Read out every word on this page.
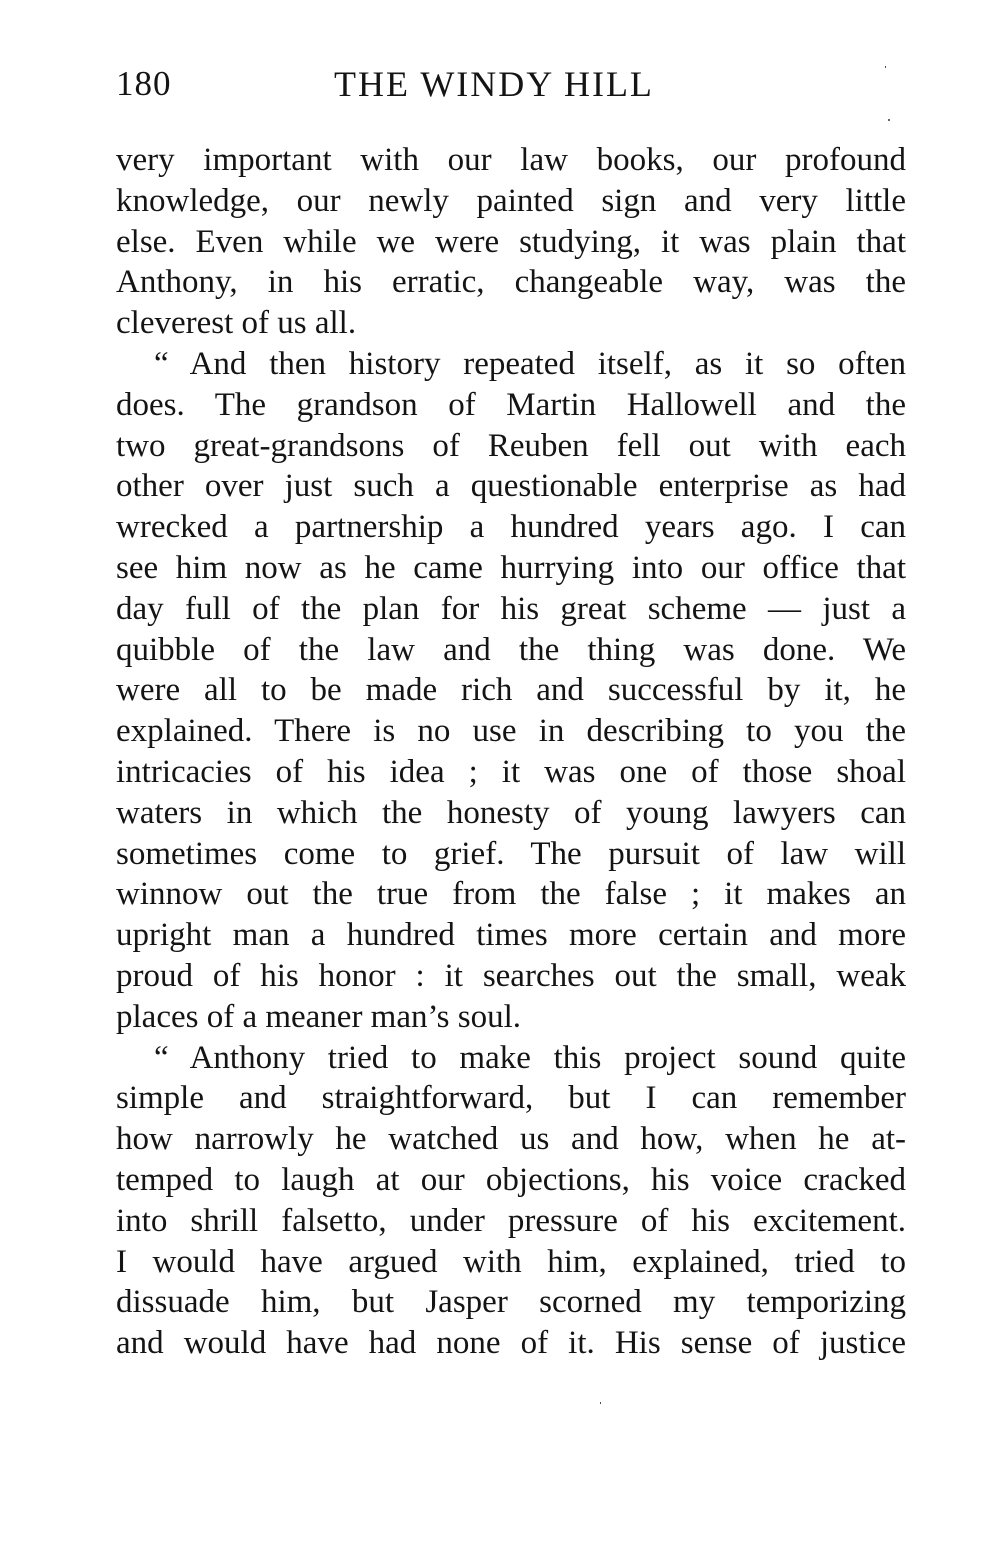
180	THE WINDY HILL
very important with our law books, our profound
knowledge, our newly painted sign and very little
else. Even while we were studying, it was plain that
Anthony, in his erratic, changeable way, was the
cleverest of us all.
“ And then history repeated itself, as it so often
does. The grandson of Martin Hallowell and the
two great-grandsons of Reuben fell out with each
other over just such a questionable enterprise as had
wrecked a partnership a hundred years ago. I can
see him now as he came hurrying into our office that
day full of the plan for his great scheme — just a
quibble of the law and the thing was done. We
were all to be made rich and successful by it, he
explained. There is no use in describing to you the
intricacies of his idea ; it was one of those shoal
waters in which the honesty of young lawyers can
sometimes come to grief. The pursuit of law will
winnow out the true from the false ; it makes an
upright man a hundred times more certain and more
proud of his honor : it searches out the small, weak
places of a meaner man’s soul.
“ Anthony tried to make this project sound quite
simple and straightforward, but I can remember
how narrowly he watched us and how, when he at-
temped to laugh at our objections, his voice cracked
into shrill falsetto, under pressure of his excitement.
I would have argued with him, explained, tried to
dissuade him, but Jasper scorned my temporizing
and would have had none of it. His sense of justice
